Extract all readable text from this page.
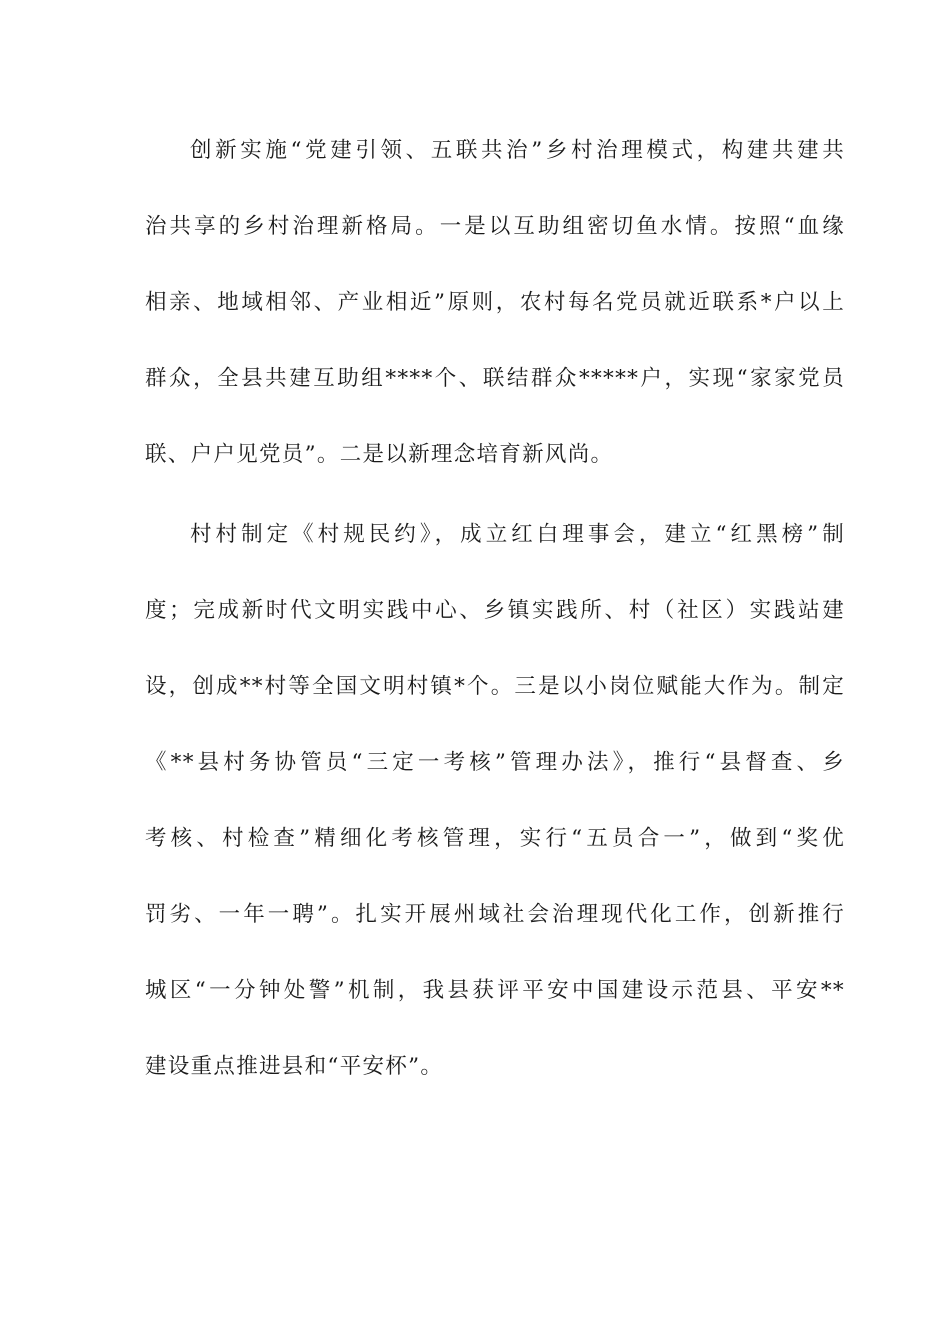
创新实施“党建引领、五联共治”乡村治理模式，构建共建共
治共享的乡村治理新格局。一是以互助组密切鱼水情。按照“血缘
相亲、地域相邻、产业相近”原则，农村每名党员就近联系*户以上
群众，全县共建互助组****个、联结群众*****户，实现“家家党员
联、户户见党员”。二是以新理念培育新风尚。
村村制定《村规民约》，成立红白理事会，建立“红黑榜”制
度；完成新时代文明实践中心、乡镇实践所、村（社区）实践站建
设，创成**村等全国文明村镇*个。三是以小岗位赋能大作为。制定
《**县村务协管员“三定一考核”管理办法》，推行“县督查、乡
考核、村检查”精细化考核管理，实行“五员合一”，做到“奖优
罚劣、一年一聘”。扎实开展州域社会治理现代化工作，创新推行
城区“一分钟处警”机制，我县获评平安中国建设示范县、平安**
建设重点推进县和“平安杯”。
